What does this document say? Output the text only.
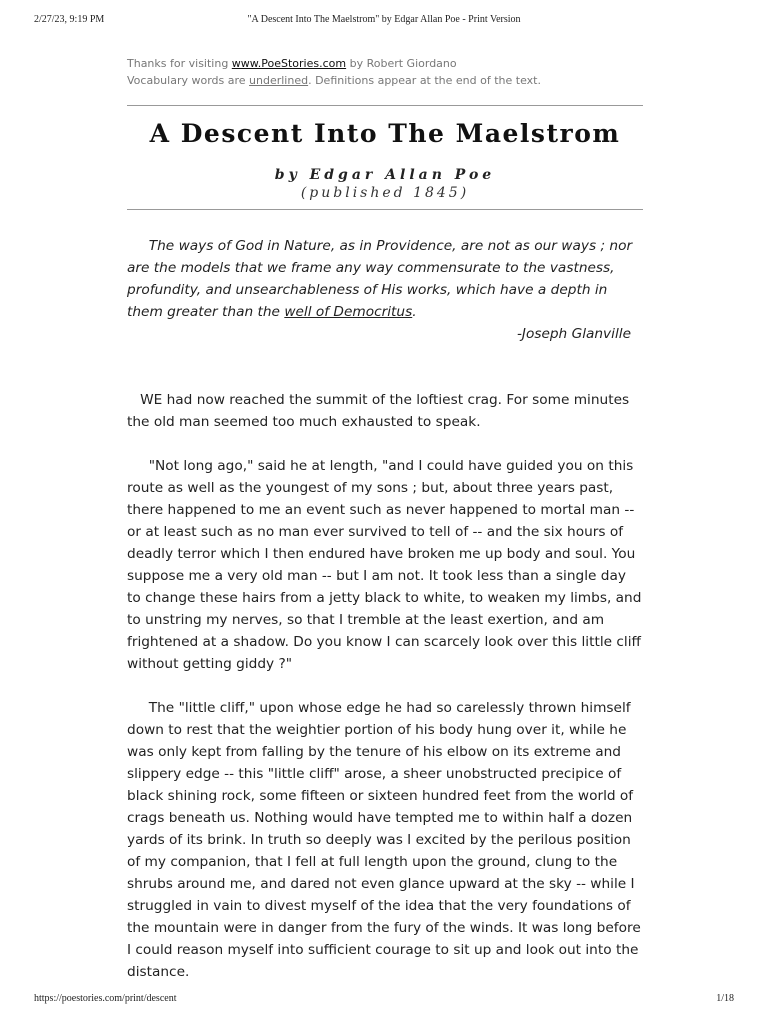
2/27/23, 9:19 PM	"A Descent Into The Maelstrom" by Edgar Allan Poe - Print Version
Thanks for visiting www.PoeStories.com by Robert Giordano
Vocabulary words are underlined. Definitions appear at the end of the text.
A Descent Into The Maelstrom
by Edgar Allan Poe
(published 1845)
The ways of God in Nature, as in Providence, are not as our ways ; nor are the models that we frame any way commensurate to the vastness, profundity, and unsearchableness of His works, which have a depth in them greater than the well of Democritus.
-Joseph Glanville

WE had now reached the summit of the loftiest crag. For some minutes the old man seemed too much exhausted to speak.

"Not long ago," said he at length, "and I could have guided you on this route as well as the youngest of my sons ; but, about three years past, there happened to me an event such as never happened to mortal man -- or at least such as no man ever survived to tell of -- and the six hours of deadly terror which I then endured have broken me up body and soul. You suppose me a very old man -- but I am not. It took less than a single day to change these hairs from a jetty black to white, to weaken my limbs, and to unstring my nerves, so that I tremble at the least exertion, and am frightened at a shadow. Do you know I can scarcely look over this little cliff without getting giddy ?"

The "little cliff," upon whose edge he had so carelessly thrown himself down to rest that the weightier portion of his body hung over it, while he was only kept from falling by the tenure of his elbow on its extreme and slippery edge -- this "little cliff" arose, a sheer unobstructed precipice of black shining rock, some fifteen or sixteen hundred feet from the world of crags beneath us. Nothing would have tempted me to within half a dozen yards of its brink. In truth so deeply was I excited by the perilous position of my companion, that I fell at full length upon the ground, clung to the shrubs around me, and dared not even glance upward at the sky -- while I struggled in vain to divest myself of the idea that the very foundations of the mountain were in danger from the fury of the winds. It was long before I could reason myself into sufficient courage to sit up and look out into the distance.

https://poestories.com/print/descent	1/18
